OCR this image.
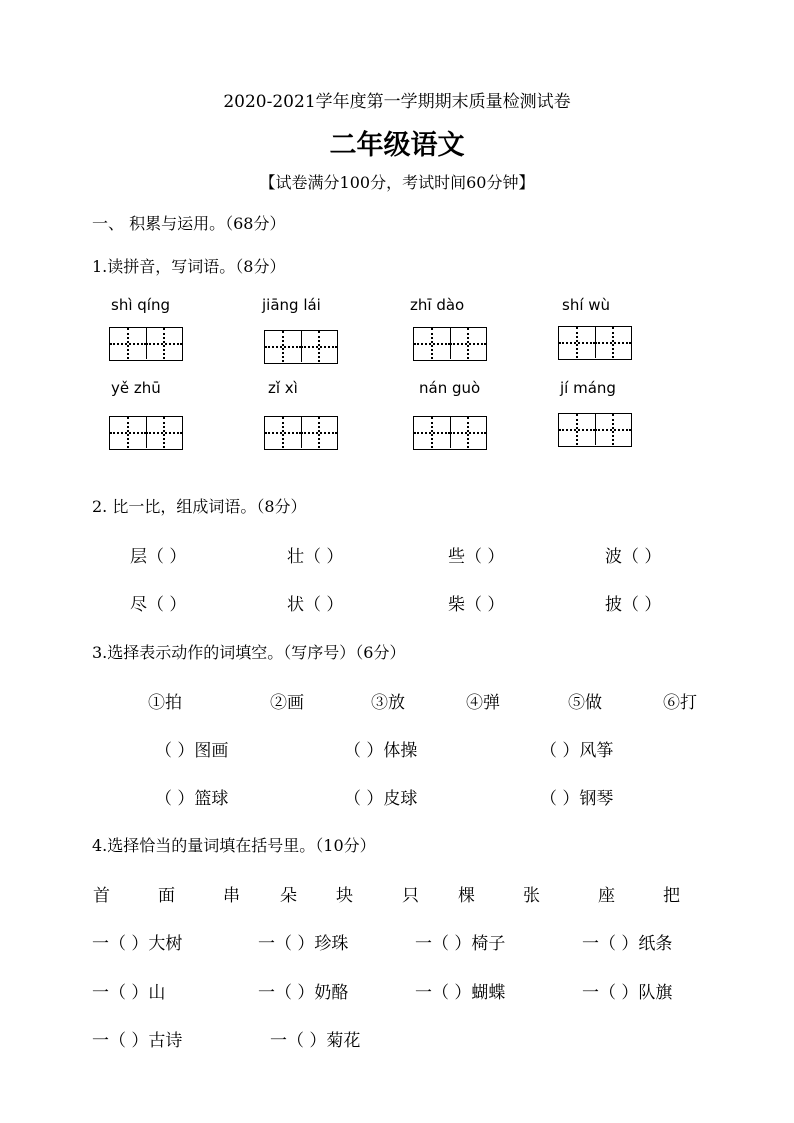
2020-2021学年度第一学期期末质量检测试卷
二年级语文
【试卷满分100分，考试时间60分钟】
一、 积累与运用。（68分）
1.读拼音，写词语。（8分）
shì qíng	jiāng lái	zhī dào	shí wù
yě zhū	zǐ xì	nán guò	jí máng
2. 比一比，组成词语。（8分）
层（ ）	壮（ ）	些（ ）	波（ ）
尽（ ）	状（ ）	柴（ ）	披（ ）
3.选择表示动作的词填空。（写序号）（6分）
①拍	②画	③放	④弹	⑤做	⑥打
（ ）图画	（ ）体操	（ ）风筝
（ ）篮球	（ ）皮球	（ ）钢琴
4.选择恰当的量词填在括号里。（10分）
首	面	串 朵 块	只 棵	张	座	把
一（ ）大树	一（ ）珍珠	一（ ）椅子	一（ ）纸条
一（ ）山	一（ ）奶酪	一（ ）蝴蝶	一（ ）队旗
一（ ）古诗	一（ ）菊花
